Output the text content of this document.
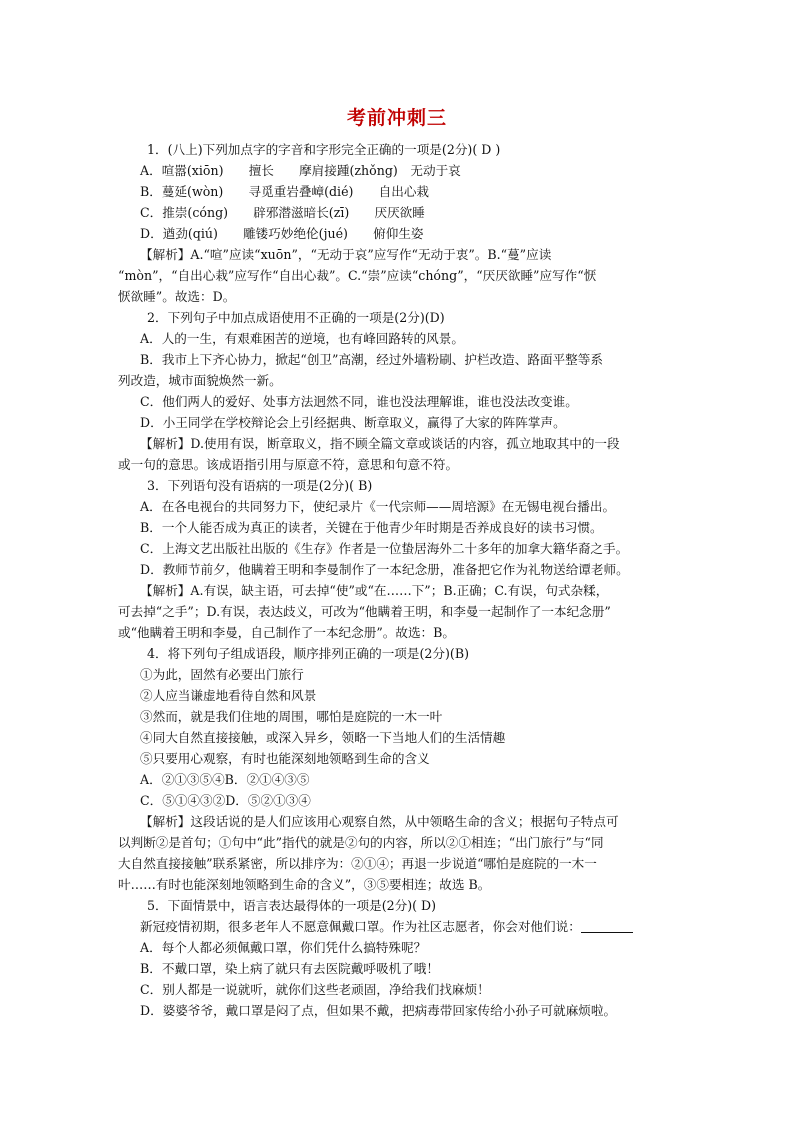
考前冲刺三
1．(八上)下列加点字的字音和字形完全正确的一项是(2分)( D )
A．喧嚣(xiōn)　　擅长　　摩肩接踵(zhǒng)　无动于哀
B．蔓延(wòn)　　寻觅重岩叠嶂(dié)　　自出心栽
C．推崇(cóng)　　辟邪潜滋暗长(zī)　　厌厌欲睡
D．遒劲(qiú)　　雕镂巧妙绝伦(jué)　　俯仰生姿
【解析】A.“喧”应读“xuōn”，“无动于哀”应写作“无动于衷”。B.“蔓”应读
“mòn”，“自出心栽”应写作“自出心裁”。C.“崇”应读“chóng”，“厌厌欲睡”应写作“恹
恹欲睡”。故选：D。
2．下列句子中加点成语使用不正确的一项是(2分)(D)
A．人的一生，有艰难困苦的逆境，也有峰回路转的风景。
B．我市上下齐心协力，掀起“创卫”高潮，经过外墙粉刷、护栏改造、路面平整等系
列改造，城市面貌焕然一新。
C．他们两人的爱好、处事方法迥然不同，谁也没法理解谁，谁也没法改变谁。
D．小王同学在学校辩论会上引经据典、断章取义，赢得了大家的阵阵掌声。
【解析】D.使用有误，断章取义，指不顾全篇文章或谈话的内容，孤立地取其中的一段
或一句的意思。该成语指引用与原意不符，意思和句意不符。
3．下列语句没有语病的一项是(2分)( B)
A．在各电视台的共同努力下，使纪录片《一代宗师——周培源》在无锡电视台播出。
B．一个人能否成为真正的读者，关键在于他青少年时期是否养成良好的读书习惯。
C．上海文艺出版社出版的《生存》作者是一位蛰居海外二十多年的加拿大籍华裔之手。
D．教师节前夕，他瞒着王明和李曼制作了一本纪念册，准备把它作为礼物送给谭老师。
【解析】A.有误，缺主语，可去掉“使”或“在……下”；B.正确；C.有误，句式杂糅，
可去掉“之手”；D.有误，表达歧义，可改为“他瞒着王明，和李曼一起制作了一本纪念册”
或“他瞒着王明和李曼，自己制作了一本纪念册”。故选：B。
4．将下列句子组成语段，顺序排列正确的一项是(2分)(B)
①为此，固然有必要出门旅行
②人应当谦虚地看待自然和风景
③然而，就是我们住地的周围，哪怕是庭院的一木一叶
④同大自然直接接触，或深入异乡，领略一下当地人们的生活情趣
⑤只要用心观察，有时也能深刻地领略到生命的含义
A．②①③⑤④B．②①④③⑤
C．⑤①④③②D．⑤②①③④
【解析】这段话说的是人们应该用心观察自然，从中领略生命的含义；根据句子特点可
以判断②是首句；①句中“此”指代的就是②句的内容，所以②①相连；“出门旅行”与“同
大自然直接接触”联系紧密，所以排序为：②①④；再退一步说道“哪怕是庭院的一木一
叶……有时也能深刻地领略到生命的含义”，③⑤要相连；故选 B。
5．下面情景中，语言表达最得体的一项是(2分)( D)
新冠疫情初期，很多老年人不愿意佩戴口罩。作为社区志愿者，你会对他们说：
A．每个人都必须佩戴口罩，你们凭什么搞特殊呢？
B．不戴口罩，染上病了就只有去医院戴呼吸机了哦！
C．别人都是一说就听，就你们这些老顽固，净给我们找麻烦！
D．婆婆爷爷，戴口罩是闷了点，但如果不戴，把病毒带回家传给小孙子可就麻烦啦。
